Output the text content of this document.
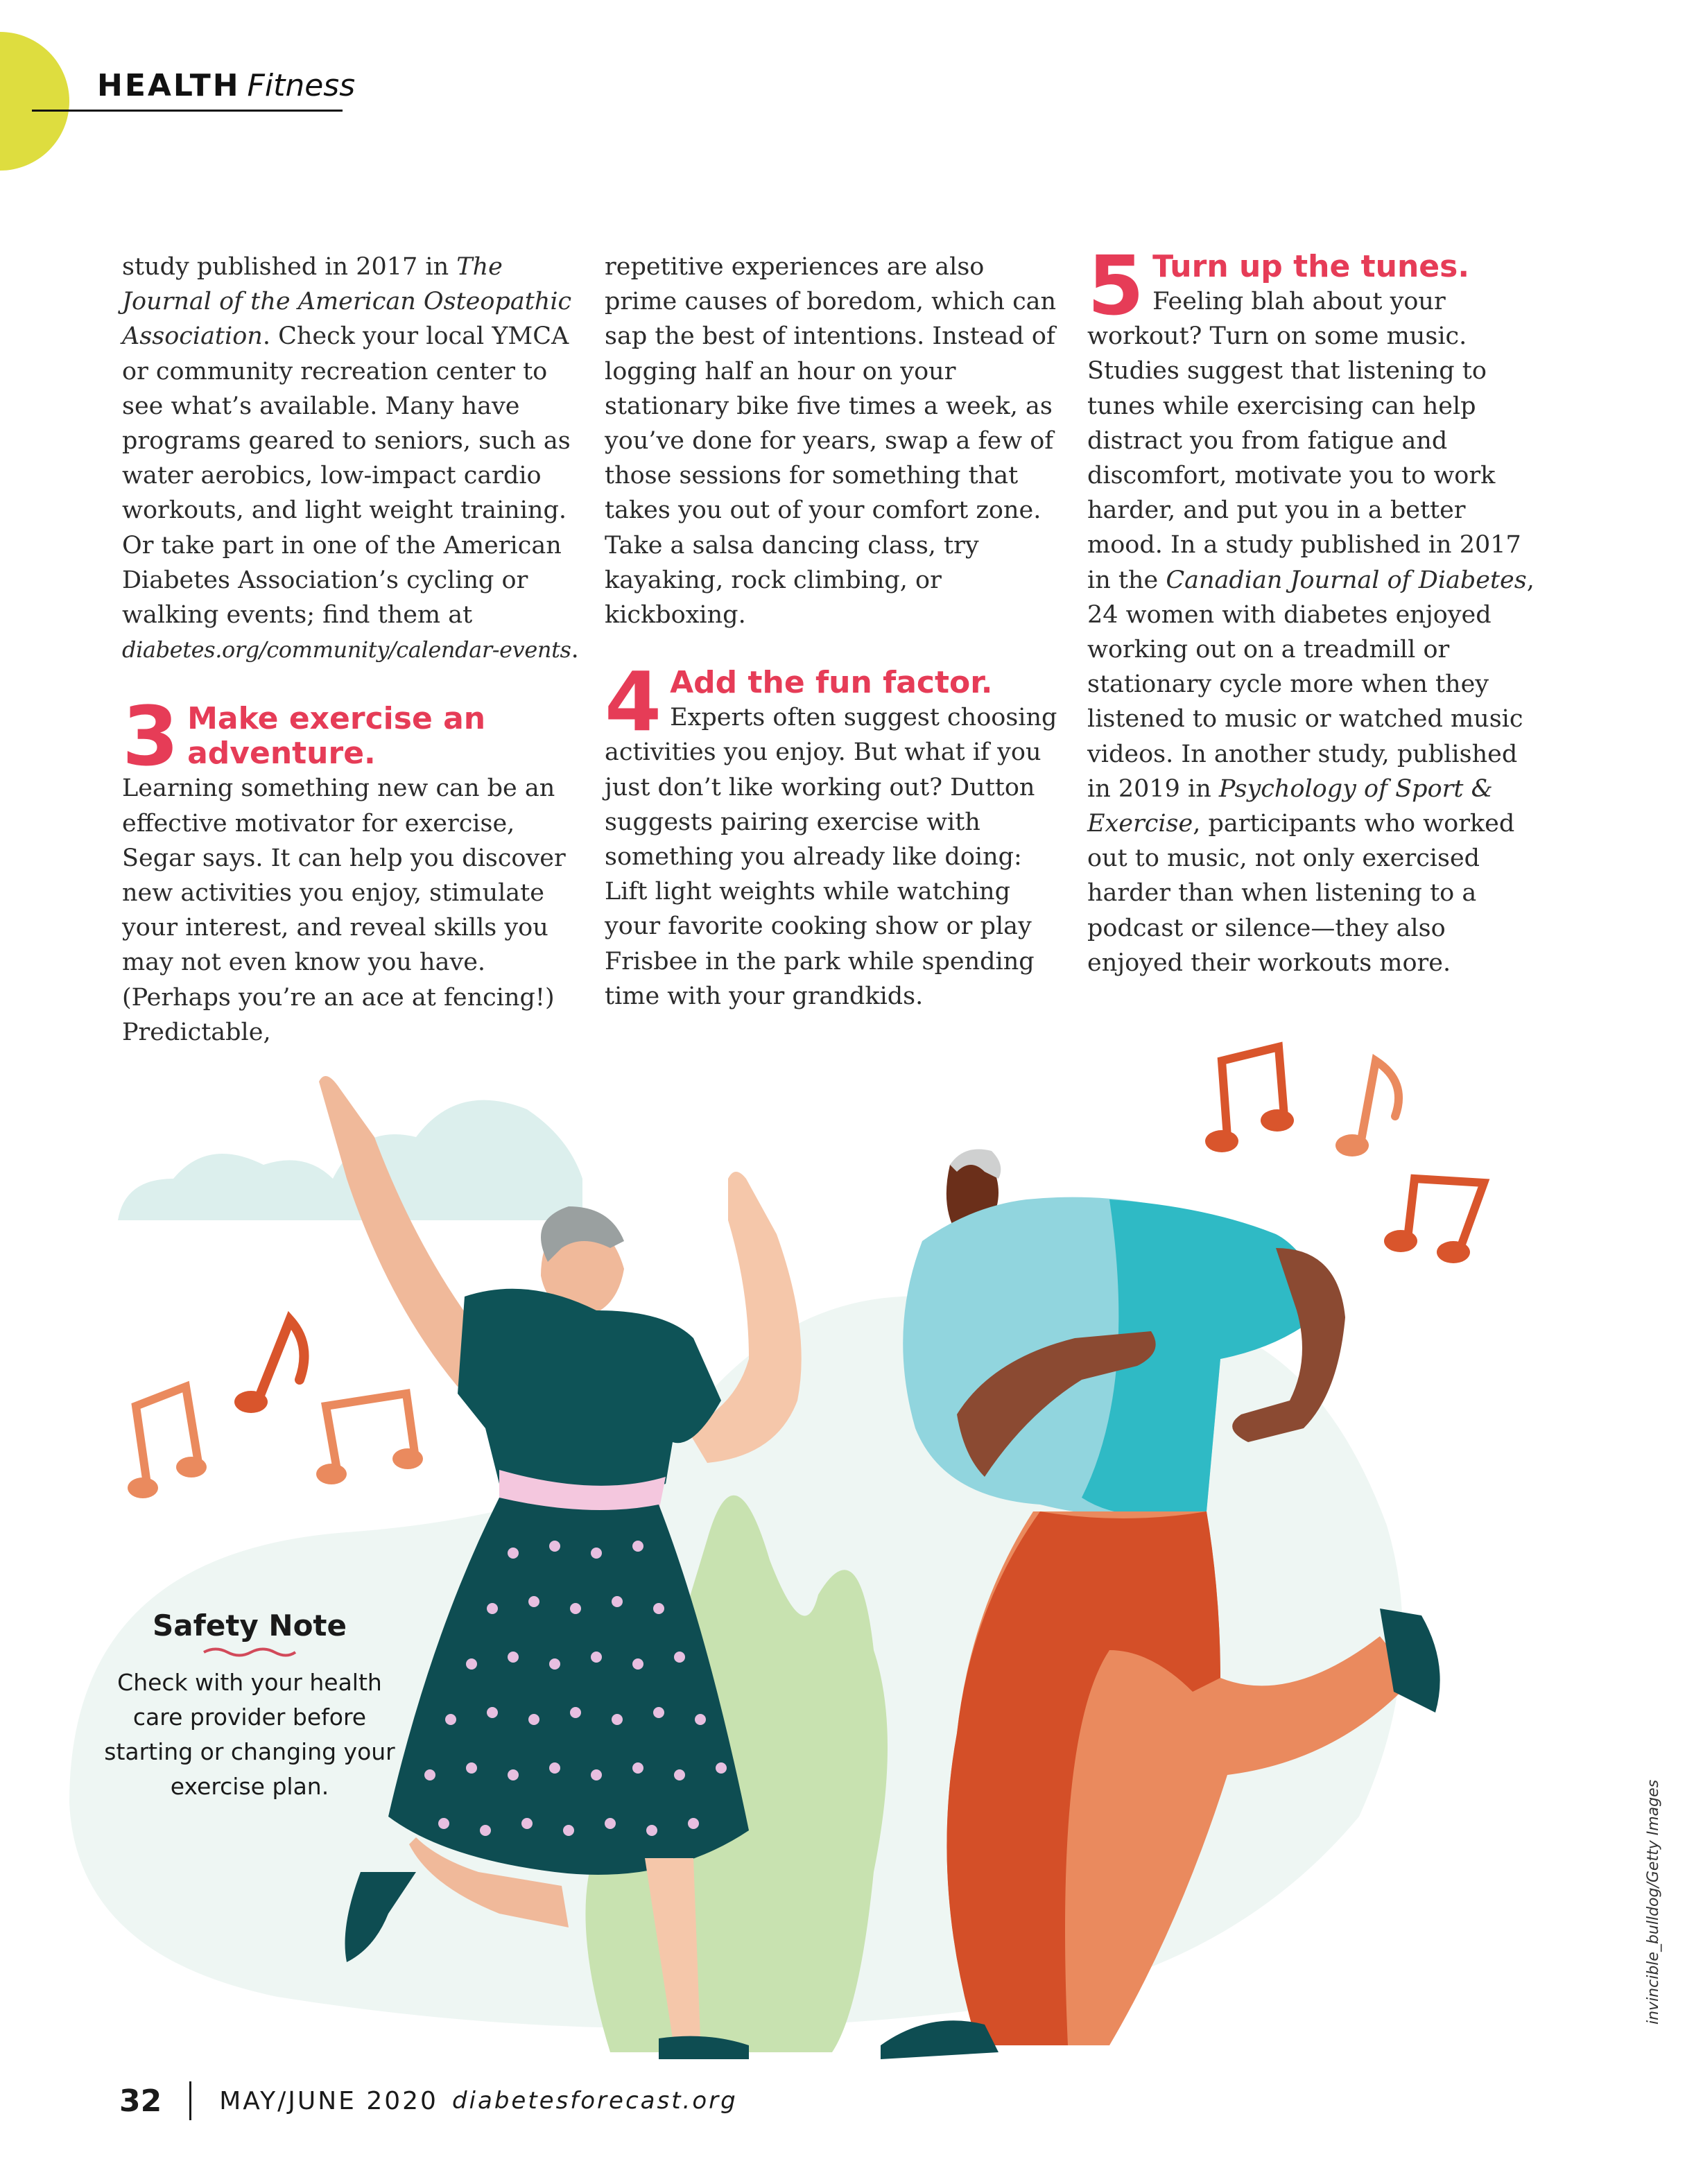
HEALTH Fitness

study published in 2017 in The Journal of the American Osteopathic Association. Check your local YMCA or community recreation center to see what’s available. Many have programs geared to seniors, such as water aerobics, low-impact cardio workouts, and light weight training. Or take part in one of the American Diabetes Association’s cycling or walking events; find them at diabetes.org/community/calendar-events.

3 Make exercise an adventure.

Learning something new can be an effective motivator for exercise, Segar says. It can help you discover new activities you enjoy, stimulate your interest, and reveal skills you may not even know you have. (Perhaps you’re an ace at fencing!) Predictable,

repetitive experiences are also prime causes of boredom, which can sap the best of intentions. Instead of logging half an hour on your stationary bike five times a week, as you’ve done for years, swap a few of those sessions for something that takes you out of your comfort zone. Take a salsa dancing class, try kayaking, rock climbing, or kickboxing.

4 Add the fun factor.

Experts often suggest choosing activities you enjoy. But what if you just don’t like working out? Dutton suggests pairing exercise with something you already like doing: Lift light weights while watching your favorite cooking show or play Frisbee in the park while spending time with your grandkids.

5 Turn up the tunes.

Feeling blah about your workout? Turn on some music. Studies suggest that listening to tunes while exercising can help distract you from fatigue and discomfort, motivate you to work harder, and put you in a better mood. In a study published in 2017 in the Canadian Journal of Diabetes, 24 women with diabetes enjoyed working out on a treadmill or stationary cycle more when they listened to music or watched music videos. In another study, published in 2019 in Psychology of Sport & Exercise, participants who worked out to music, not only exercised harder than when listening to a podcast or silence—they also enjoyed their workouts more.

Safety Note
Check with your health care provider before starting or changing your exercise plan.	invincible_bulldog/Getty Images
32 MAY/JUNE 2020 diabetesforecast.org
